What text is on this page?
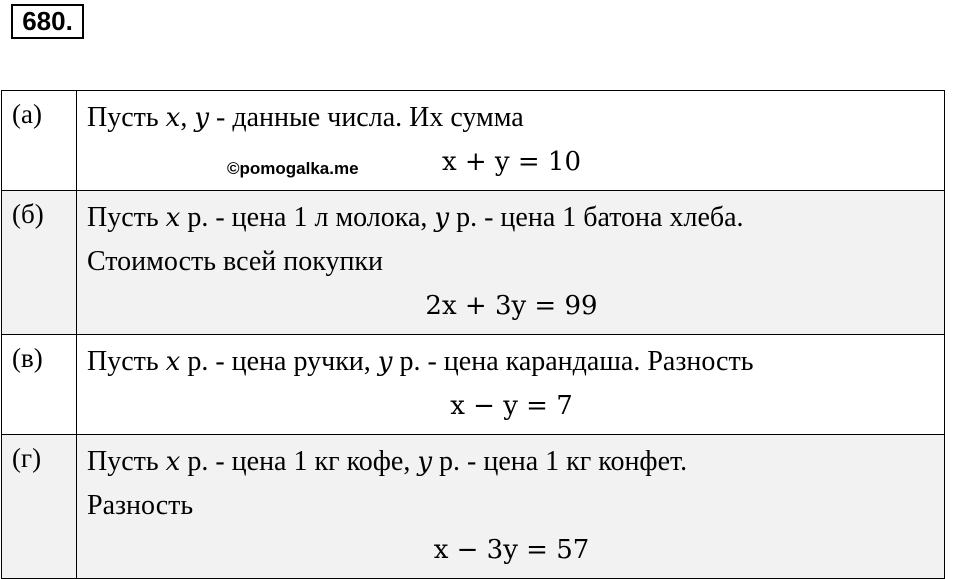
680.
(а)	Пусть x, y - данные числа. Их сумма
x + y = 10
©pomogalka.me

(б)	Пусть x р. - цена 1 л молока, y р. - цена 1 батона хлеба.
Стоимость всей покупки
2x + 3y = 99

(в)	Пусть x р. - цена ручки, y р. - цена карандаша. Разность
x − y = 7

(г)	Пусть x р. - цена 1 кг кофе, y р. - цена 1 кг конфет.
Разность
x − 3y = 57
